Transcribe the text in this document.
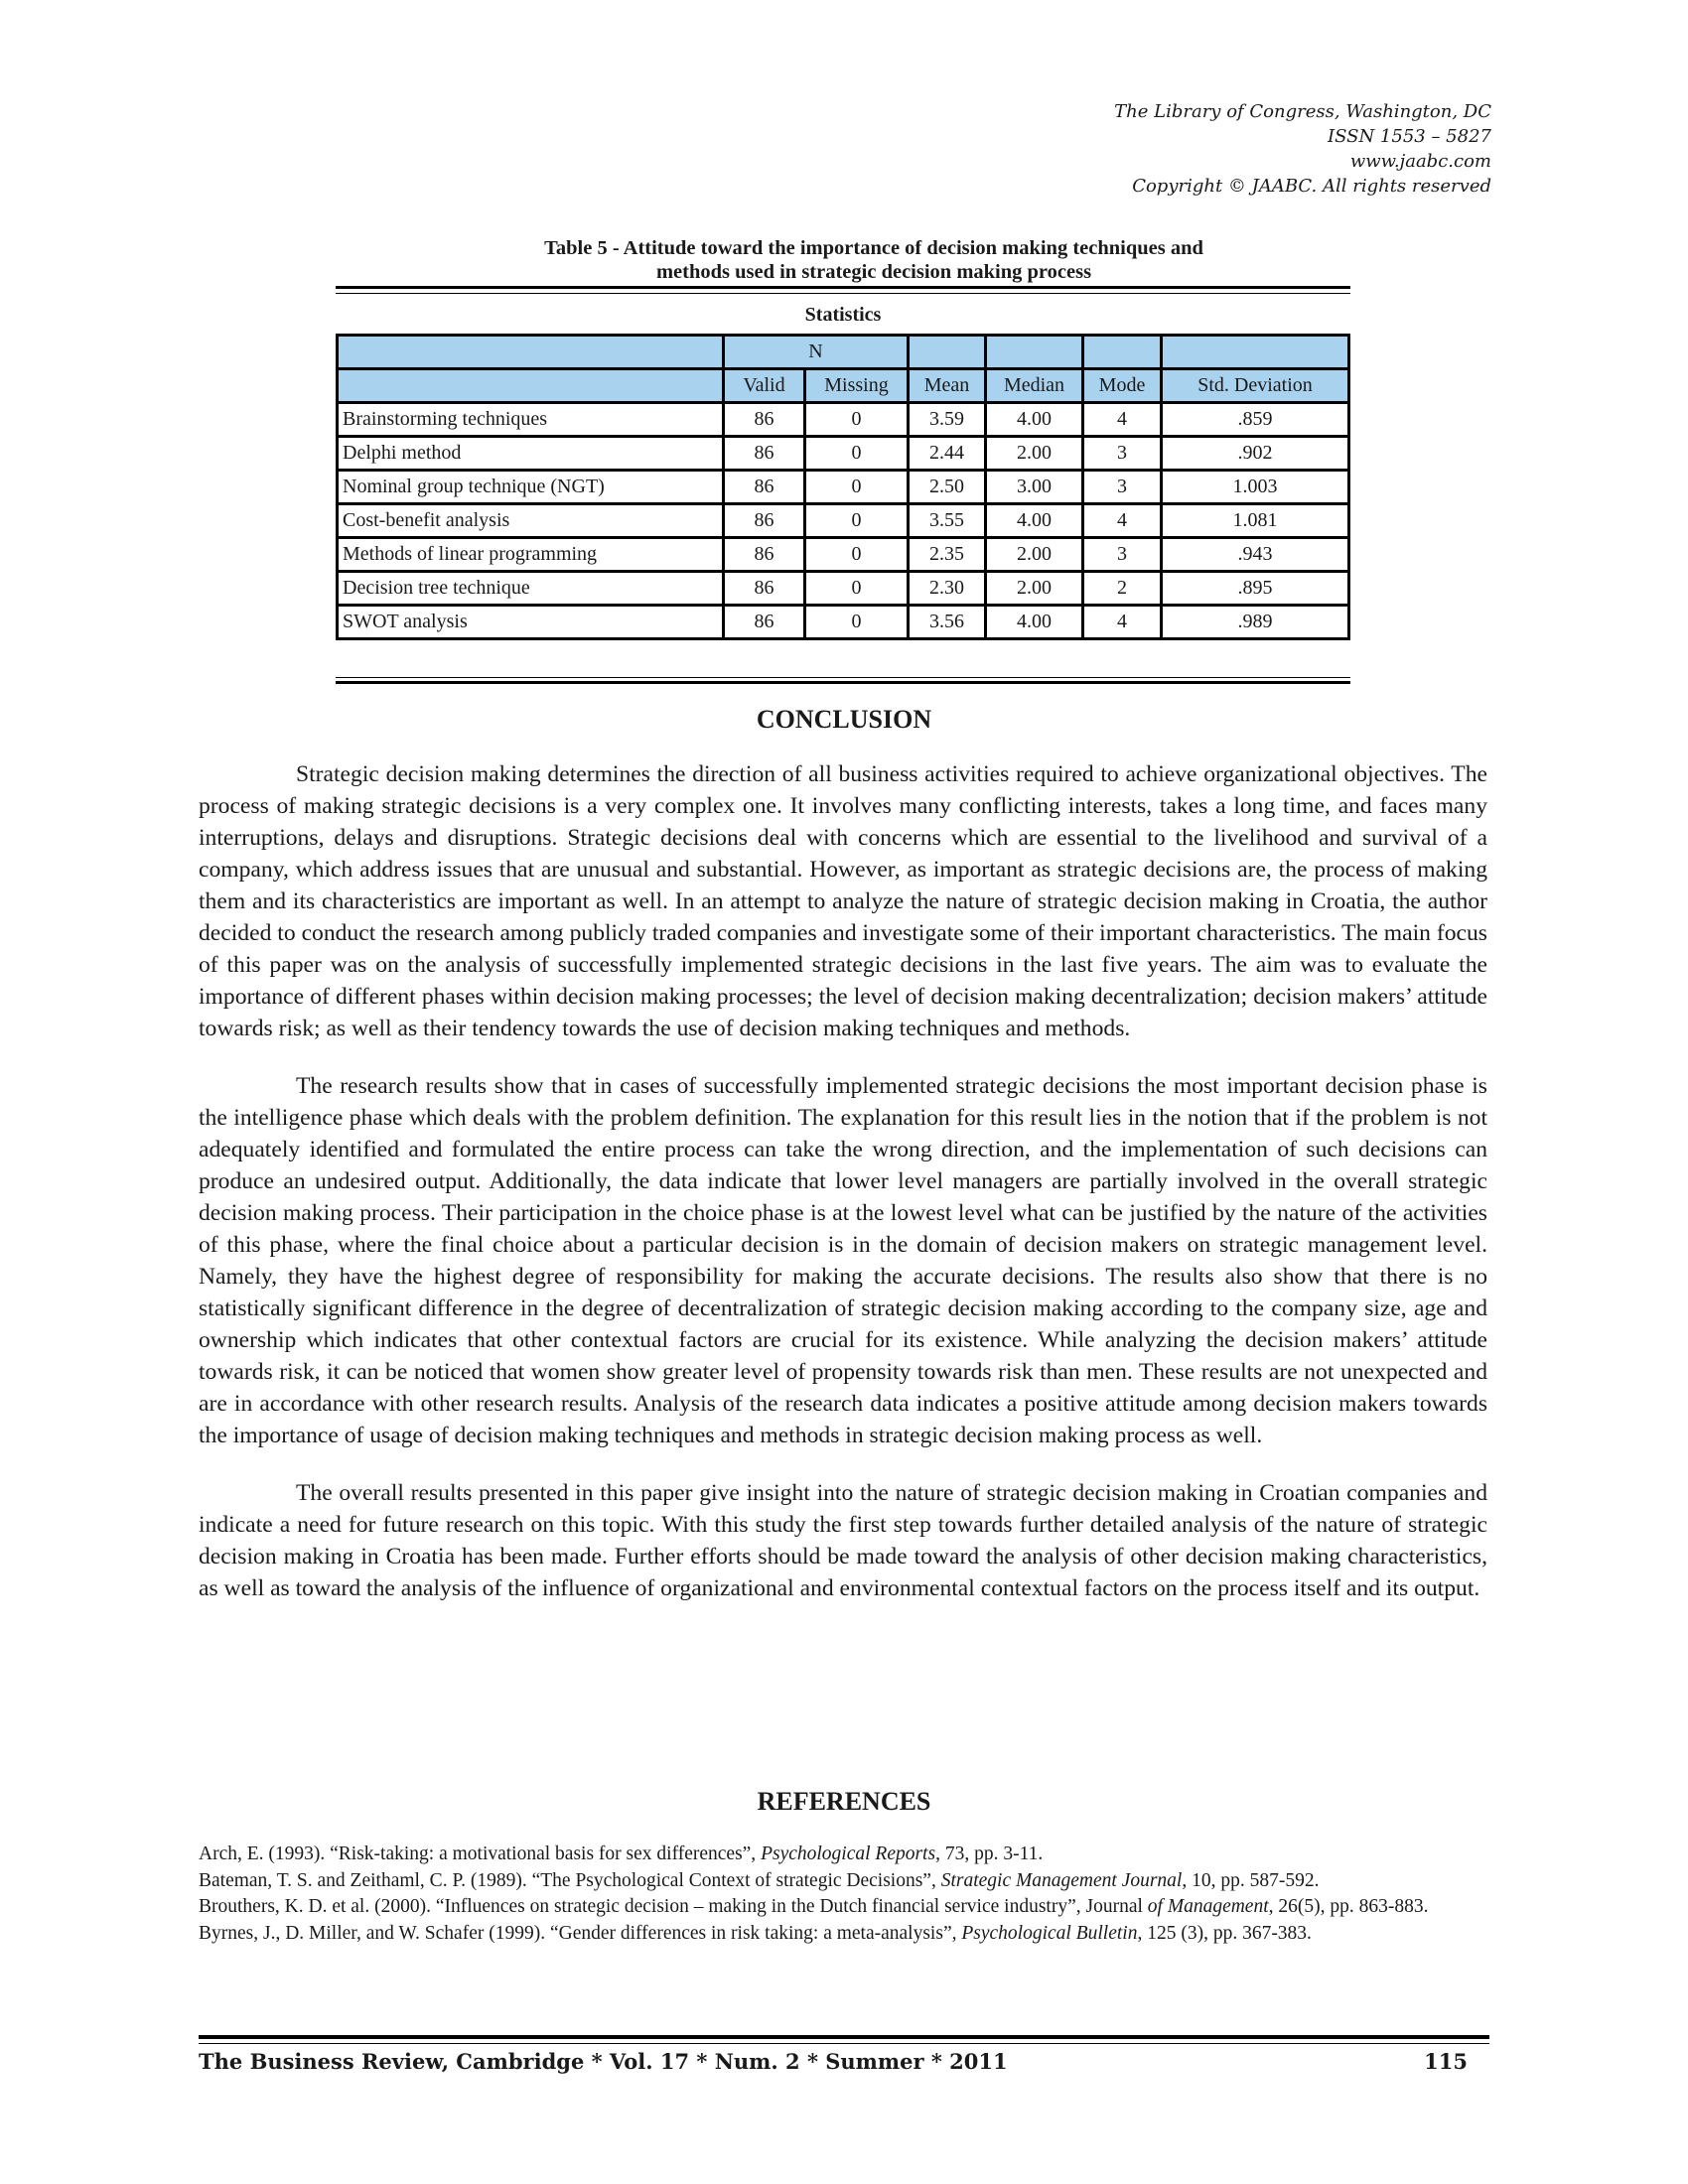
The Library of Congress, Washington, DC
ISSN 1553 – 5827
www.jaabc.com
Copyright © JAABC. All rights reserved
Table 5 - Attitude toward the importance of decision making techniques and
methods used in strategic decision making process
Statistics
	N					
	Valid	Missing	Mean	Median	Mode	Std. Deviation
Brainstorming techniques	86	0	3.59	4.00	4	.859
Delphi method	86	0	2.44	2.00	3	.902
Nominal group technique (NGT)	86	0	2.50	3.00	3	1.003
Cost-benefit analysis	86	0	3.55	4.00	4	1.081
Methods of linear programming	86	0	2.35	2.00	3	.943
Decision tree technique	86	0	2.30	2.00	2	.895
SWOT analysis	86	0	3.56	4.00	4	.989
CONCLUSION

Strategic decision making determines the direction of all business activities required to achieve organizational objectives. The process of making strategic decisions is a very complex one. It involves many conflicting interests, takes a long time, and faces many interruptions, delays and disruptions. Strategic decisions deal with concerns which are essential to the livelihood and survival of a company, which address issues that are unusual and substantial. However, as important as strategic decisions are, the process of making them and its characteristics are important as well. In an attempt to analyze the nature of strategic decision making in Croatia, the author decided to conduct the research among publicly traded companies and investigate some of their important characteristics. The main focus of this paper was on the analysis of successfully implemented strategic decisions in the last five years. The aim was to evaluate the importance of different phases within decision making processes; the level of decision making decentralization; decision makers’ attitude towards risk; as well as their tendency towards the use of decision making techniques and methods.

The research results show that in cases of successfully implemented strategic decisions the most important decision phase is the intelligence phase which deals with the problem definition. The explanation for this result lies in the notion that if the problem is not adequately identified and formulated the entire process can take the wrong direction, and the implementation of such decisions can produce an undesired output. Additionally, the data indicate that lower level managers are partially involved in the overall strategic decision making process. Their participation in the choice phase is at the lowest level what can be justified by the nature of the activities of this phase, where the final choice about a particular decision is in the domain of decision makers on strategic management level. Namely, they have the highest degree of responsibility for making the accurate decisions. The results also show that there is no statistically significant difference in the degree of decentralization of strategic decision making according to the company size, age and ownership which indicates that other contextual factors are crucial for its existence. While analyzing the decision makers’ attitude towards risk, it can be noticed that women show greater level of propensity towards risk than men. These results are not unexpected and are in accordance with other research results. Analysis of the research data indicates a positive attitude among decision makers towards the importance of usage of decision making techniques and methods in strategic decision making process as well.

The overall results presented in this paper give insight into the nature of strategic decision making in Croatian companies and indicate a need for future research on this topic. With this study the first step towards further detailed analysis of the nature of strategic decision making in Croatia has been made. Further efforts should be made toward the analysis of other decision making characteristics, as well as toward the analysis of the influence of organizational and environmental contextual factors on the process itself and its output.

REFERENCES

Arch, E. (1993). “Risk-taking: a motivational basis for sex differences”, Psychological Reports, 73, pp. 3-11.

Bateman, T. S. and Zeithaml, C. P. (1989). “The Psychological Context of strategic Decisions”, Strategic Management Journal, 10, pp. 587-592.

Brouthers, K. D. et al. (2000). “Influences on strategic decision – making in the Dutch financial service industry”, Journal of Management, 26(5), pp. 863-883.

Byrnes, J., D. Miller, and W. Schafer (1999). “Gender differences in risk taking: a meta-analysis”, Psychological Bulletin, 125 (3), pp. 367-383.

The Business Review, Cambridge * Vol. 17 * Num. 2 * Summer * 2011	115
